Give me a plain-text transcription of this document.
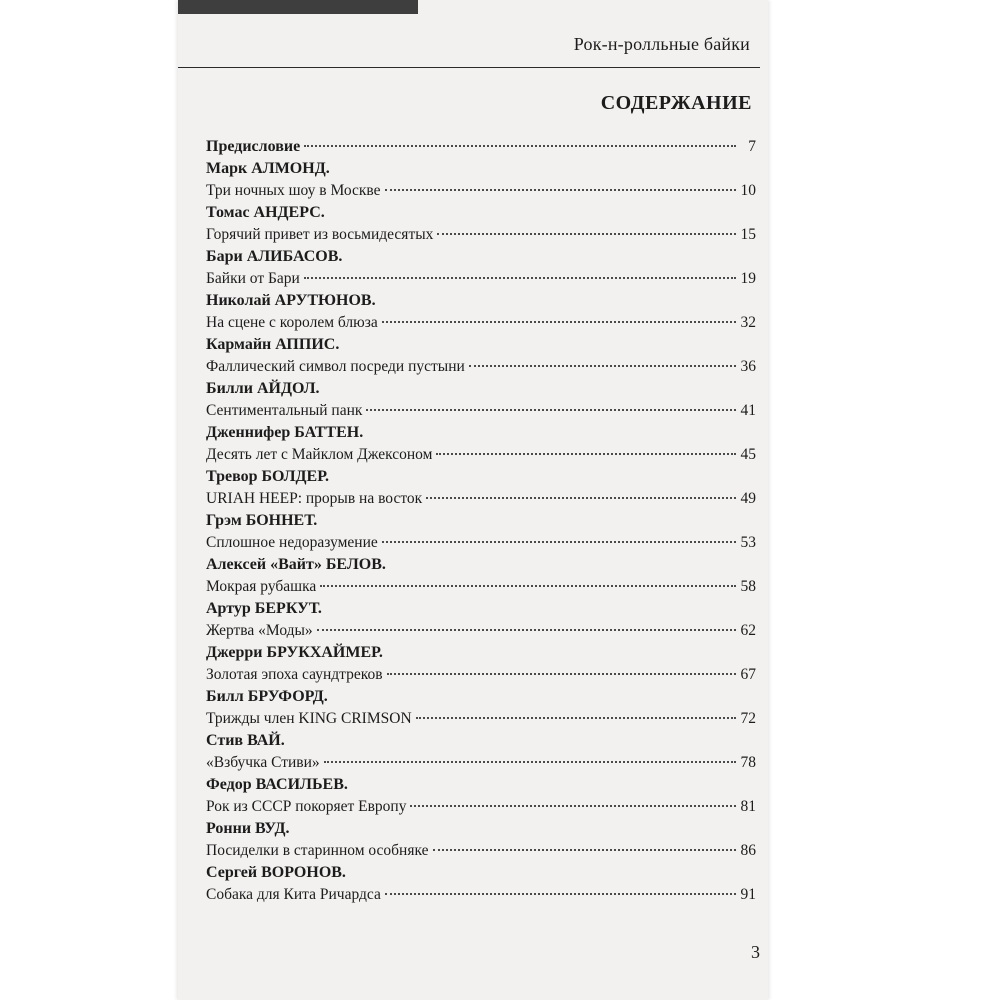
Рок-н-ролльные байки
СОДЕРЖАНИЕ
Предисловие	7
Марк АЛМОНД.
Три ночных шоу в Москве	10
Томас АНДЕРС.
Горячий привет из восьмидесятых	15
Бари АЛИБАСОВ.
Байки от Бари	19
Николай АРУТЮНОВ.
На сцене с королем блюза	32
Кармайн АППИС.
Фаллический символ посреди пустыни	36
Билли АЙДОЛ.
Сентиментальный панк	41
Дженнифер БАТТЕН.
Десять лет с Майклом Джексоном	45
Тревор БОЛДЕР.
URIAH HEEP: прорыв на восток	49
Грэм БОННЕТ.
Сплошное недоразумение	53
Алексей «Вайт» БЕЛОВ.
Мокрая рубашка	58
Артур БЕРКУТ.
Жертва «Моды»	62
Джерри БРУКХАЙМЕР.
Золотая эпоха саундтреков	67
Билл БРУФОРД.
Трижды член KING CRIMSON	72
Стив ВАЙ.
«Взбучка Стиви»	78
Федор ВАСИЛЬЕВ.
Рок из СССР покоряет Европу	81
Ронни ВУД.
Посиделки в старинном особняке	86
Сергей ВОРОНОВ.
Собака для Кита Ричардса	91
3
